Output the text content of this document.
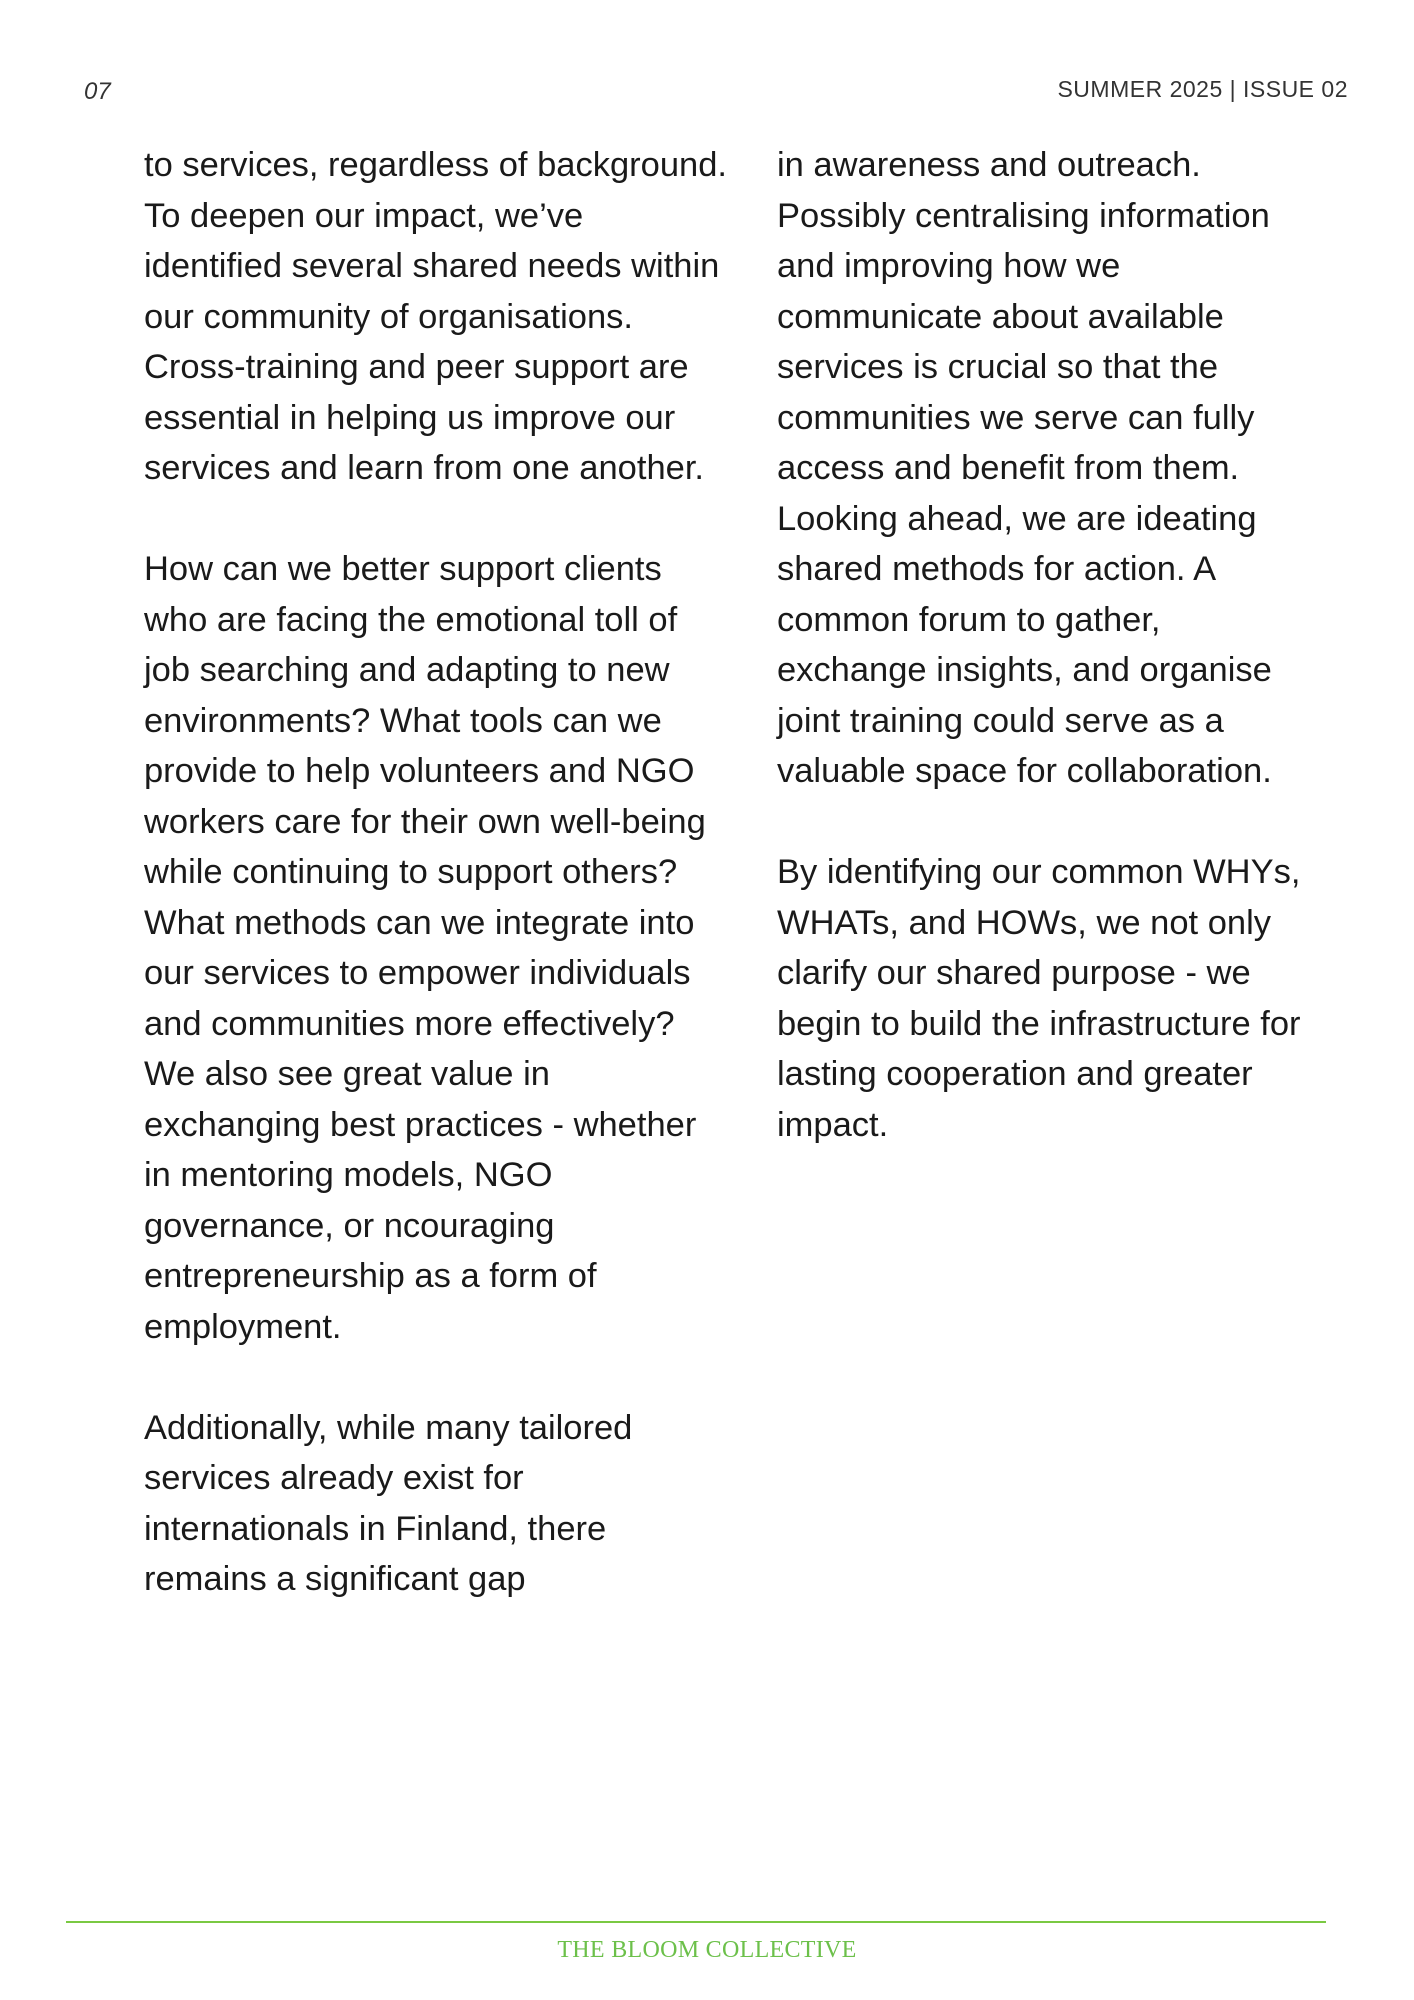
07	SUMMER 2025 | ISSUE 02

to services, regardless of background. To deepen our impact, we’ve identified several shared needs within our community of organisations. Cross-training and peer support are essential in helping us improve our services and learn from one another.

How can we better support clients who are facing the emotional toll of job searching and adapting to new environments? What tools can we provide to help volunteers and NGO workers care for their own well-being while continuing to support others? What methods can we integrate into our services to empower individuals and communities more effectively? We also see great value in exchanging best practices - whether in mentoring models, NGO governance, or ncouraging entrepreneurship as a form of employment.

Additionally, while many tailored services already exist for internationals in Finland, there remains a significant gap

in awareness and outreach. Possibly centralising information and improving how we communicate about available services is crucial so that the communities we serve can fully access and benefit from them. Looking ahead, we are ideating shared methods for action. A common forum to gather, exchange insights, and organise joint training could serve as a valuable space for collaboration.

By identifying our common WHYs, WHATs, and HOWs, we not only clarify our shared purpose - we begin to build the infrastructure for lasting cooperation and greater impact.

THE BLOOM COLLECTIVE
